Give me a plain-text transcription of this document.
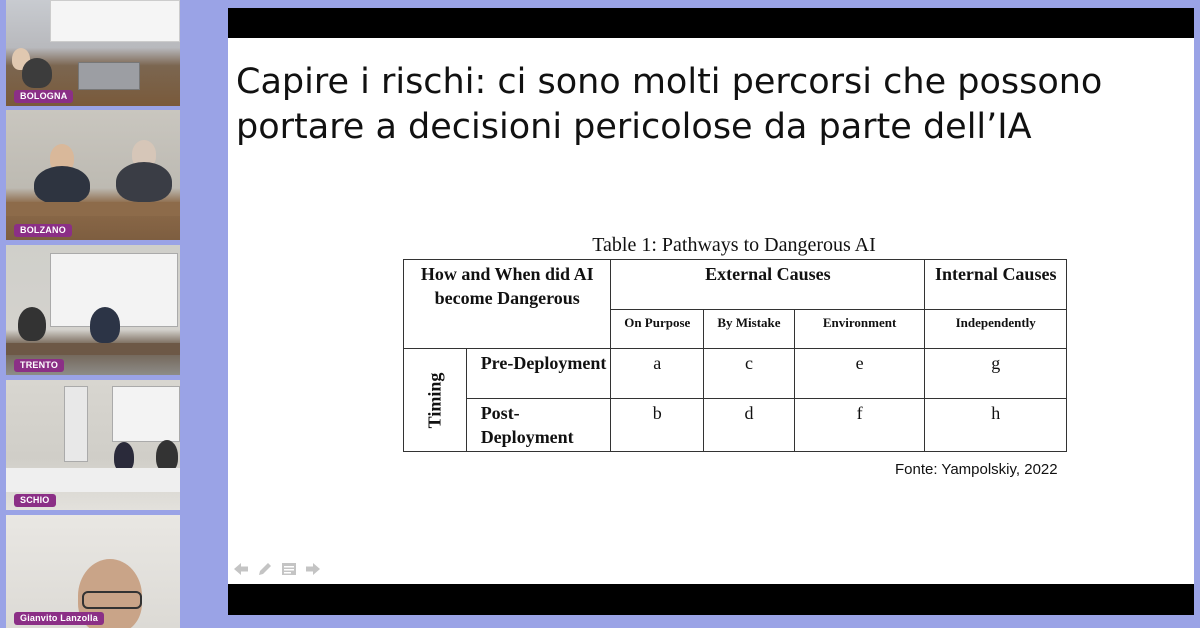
BOLOGNA
BOLZANO
TRENTO
SCHIO
Gianvito Lanzolla
Capire i rischi: ci sono molti percorsi che possono portare a decisioni pericolose da parte dell’IA
Table 1: Pathways to Dangerous AI
How and When did AI become Dangerous		External Causes			Internal Causes
		On Purpose	By Mistake	Environment	Independently
Timing	Pre-Deployment	a	c	e	g
	Post-Deployment	b	d	f	h
Fonte: Yampolskiy, 2022
